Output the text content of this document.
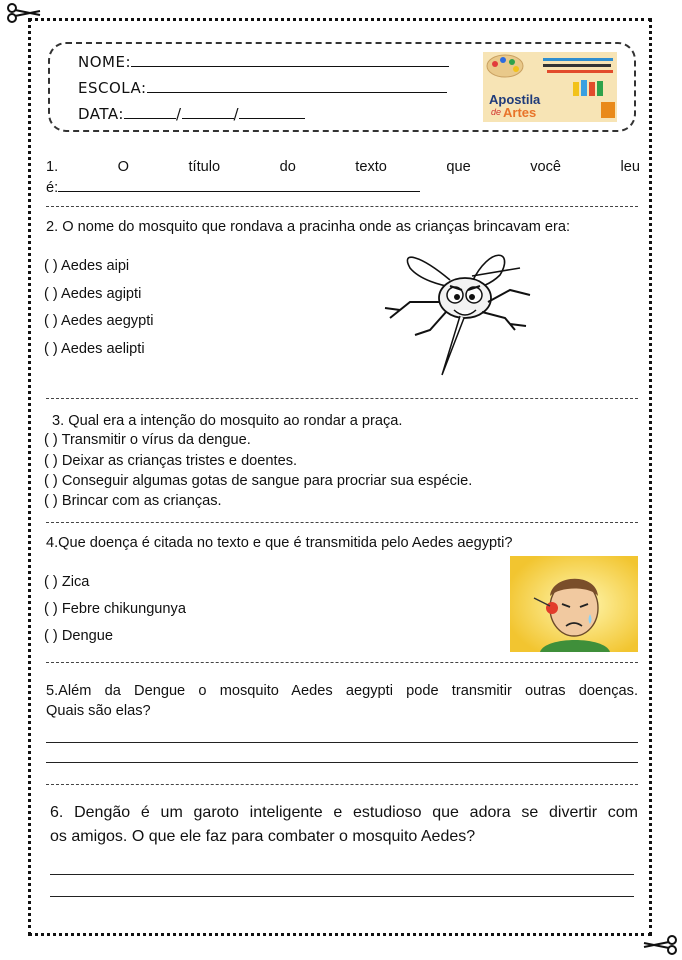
NOME:
ESCOLA:
DATA:	/	/
Apostila
de Artes
1.	O	título	do	texto	que	você	leu
é:
2. O nome do mosquito que rondava a pracinha onde as crianças brincavam era:
( ) Aedes aipi
( ) Aedes agipti
( ) Aedes aegypti
( ) Aedes aelipti
3. Qual era a intenção do mosquito ao rondar a praça.
( ) Transmitir o vírus da dengue.
( ) Deixar as crianças tristes e doentes.
( ) Conseguir algumas gotas de sangue para procriar sua espécie.
( ) Brincar com as crianças.
4.Que doença é citada no texto e que é transmitida pelo Aedes aegypti?
( ) Zica
( ) Febre chikungunya
( ) Dengue
5.Além da Dengue o mosquito Aedes aegypti pode transmitir outras doenças.
Quais são elas?
6. Dengão é um garoto inteligente e estudioso que adora se divertir com
os amigos. O que ele faz para combater o mosquito Aedes?
